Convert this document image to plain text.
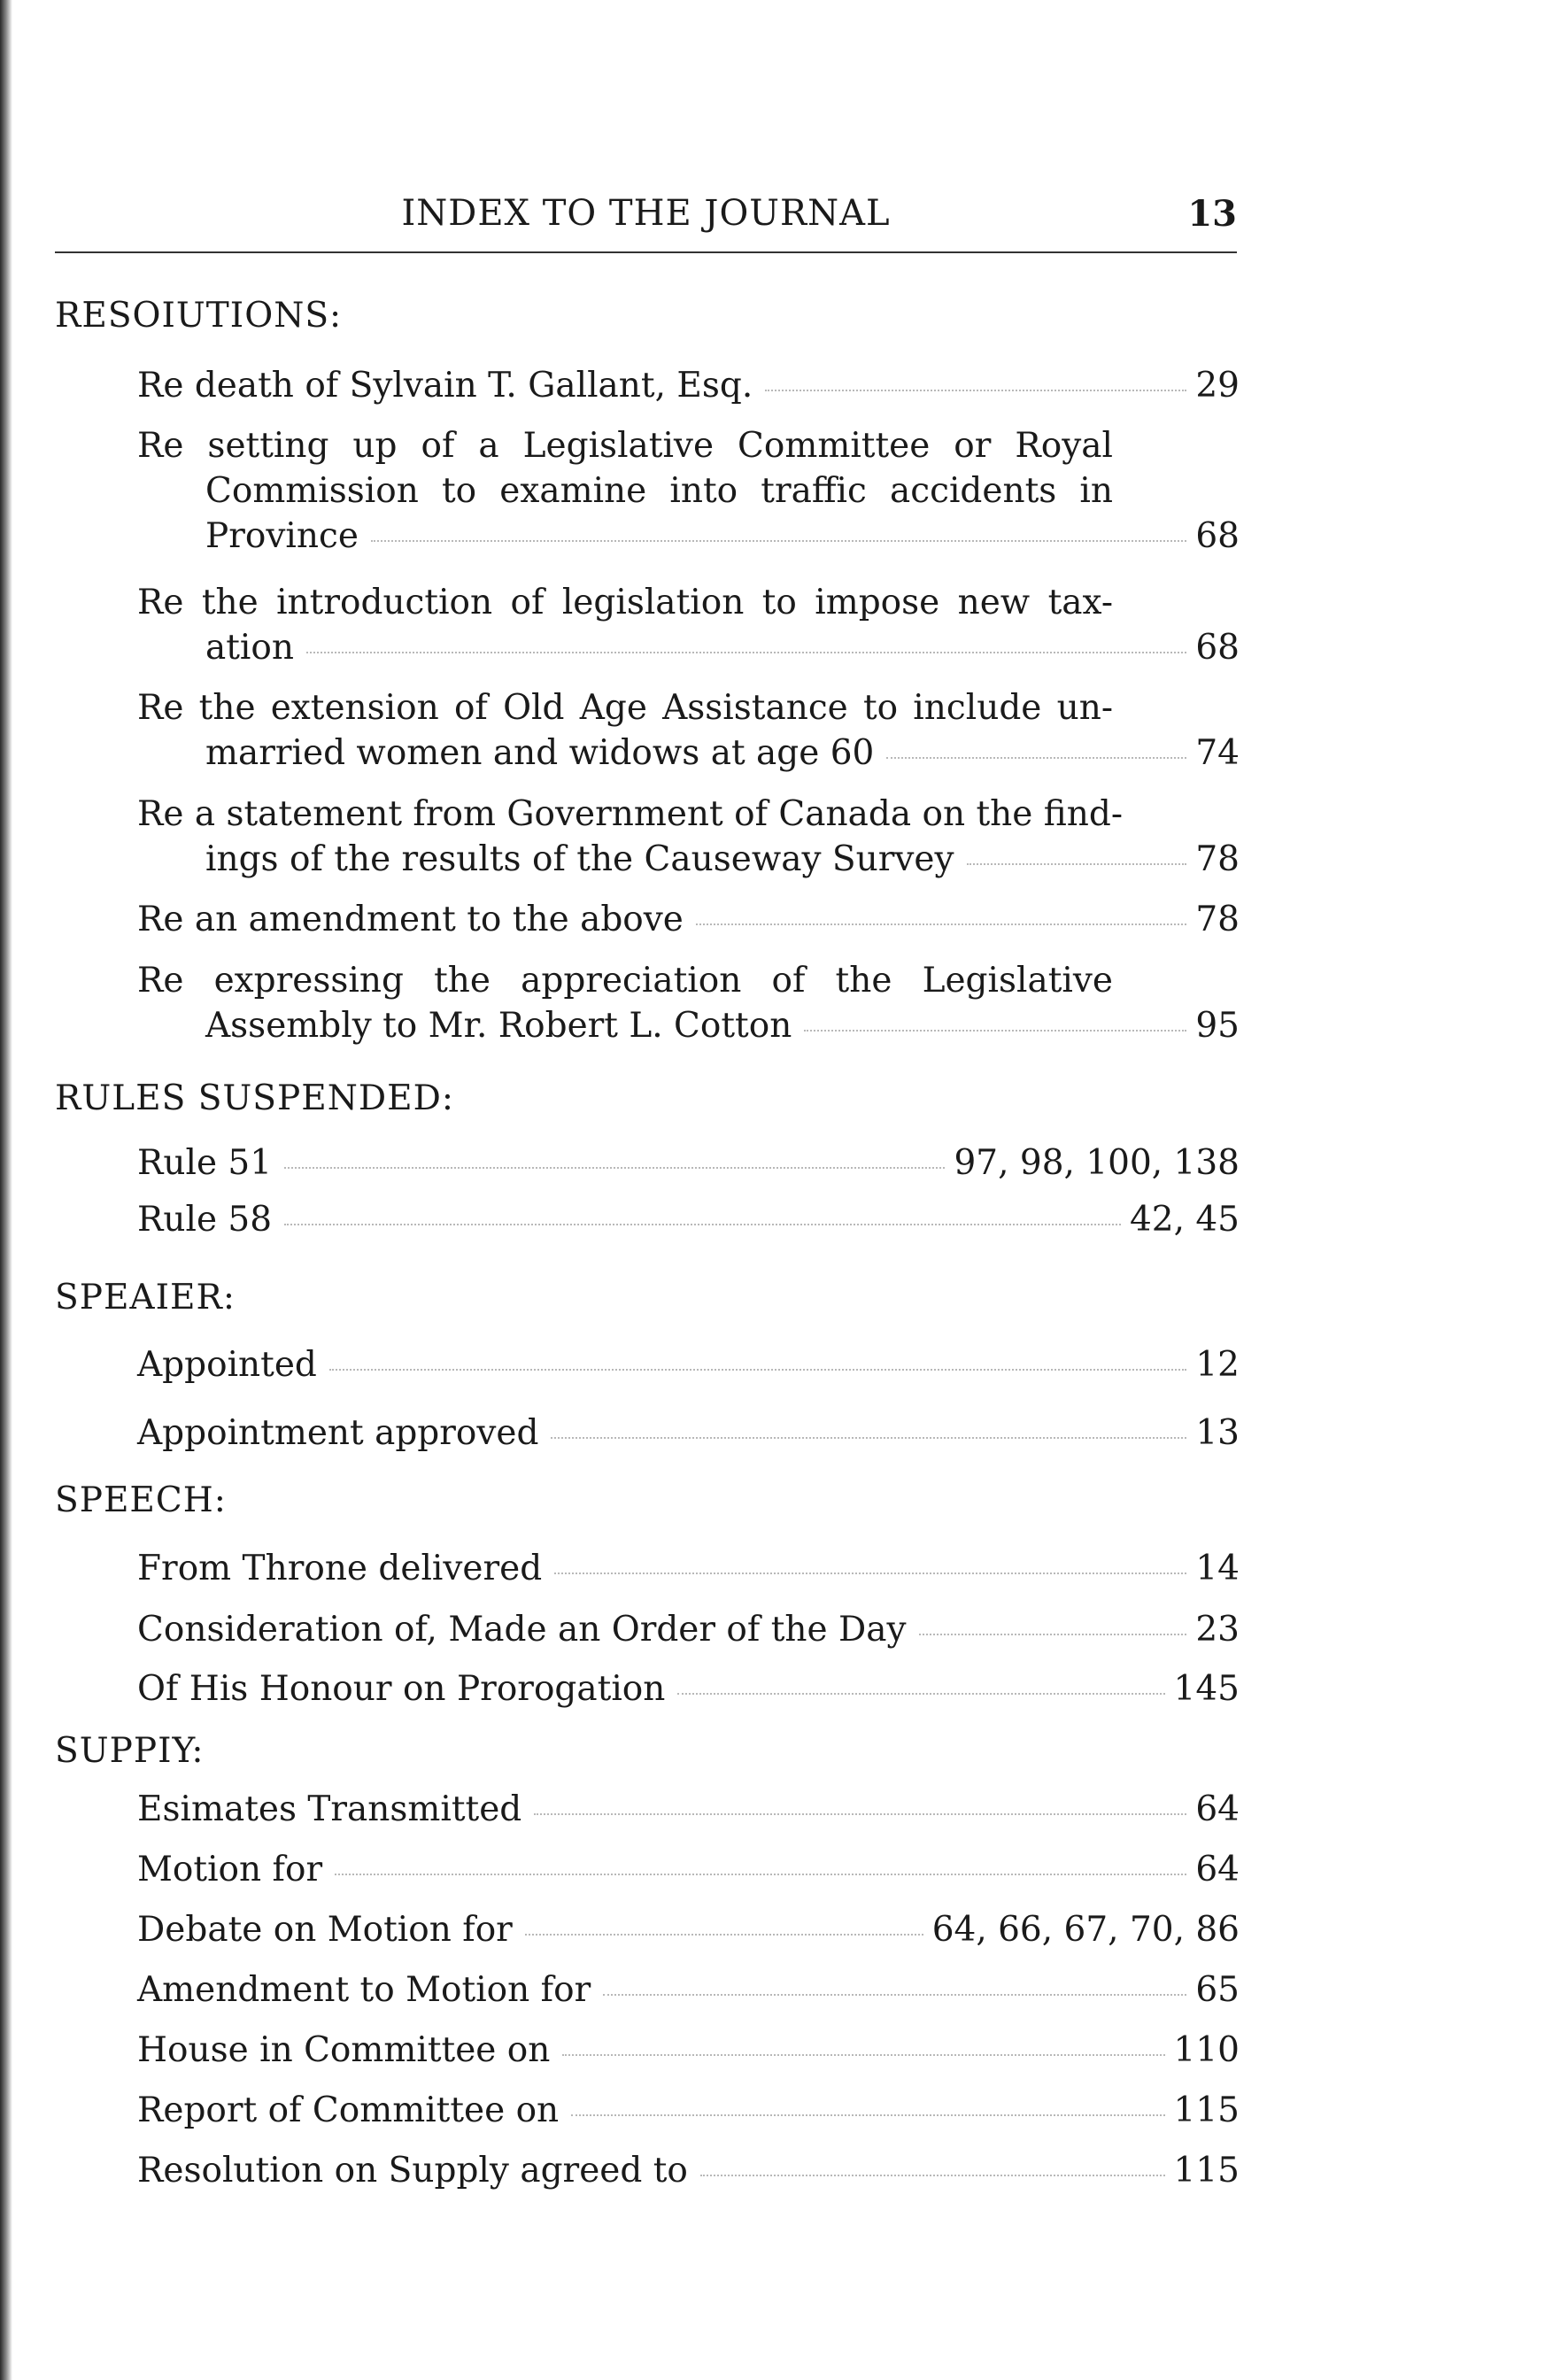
INDEX TO THE JOURNAL	13
RESOIUTIONS:
Re death of Sylvain T. Gallant, Esq.	29
Re setting up of a Legislative Committee or Royal
Commission to examine into traffic accidents in
Province	68
Re the introduction of legislation to impose new tax-
ation	68
Re the extension of Old Age Assistance to include un-
married women and widows at age 60	74
Re a statement from Government of Canada on the find-
ings of the results of the Causeway Survey	78
Re an amendment to the above	78
Re expressing the appreciation of the Legislative
Assembly to Mr. Robert L. Cotton	95
RULES SUSPENDED:
Rule 51	97, 98, 100, 138
Rule 58	42, 45
SPEAIER:
Appointed	12
Appointment approved	13
SPEECH:
From Throne delivered	14
Consideration of, Made an Order of the Day	23
Of His Honour on Prorogation	145
SUPPIY:
Esimates Transmitted	64
Motion for	64
Debate on Motion for	64, 66, 67, 70, 86
Amendment to Motion for	65
House in Committee on	110
Report of Committee on	115
Resolution on Supply agreed to	115
